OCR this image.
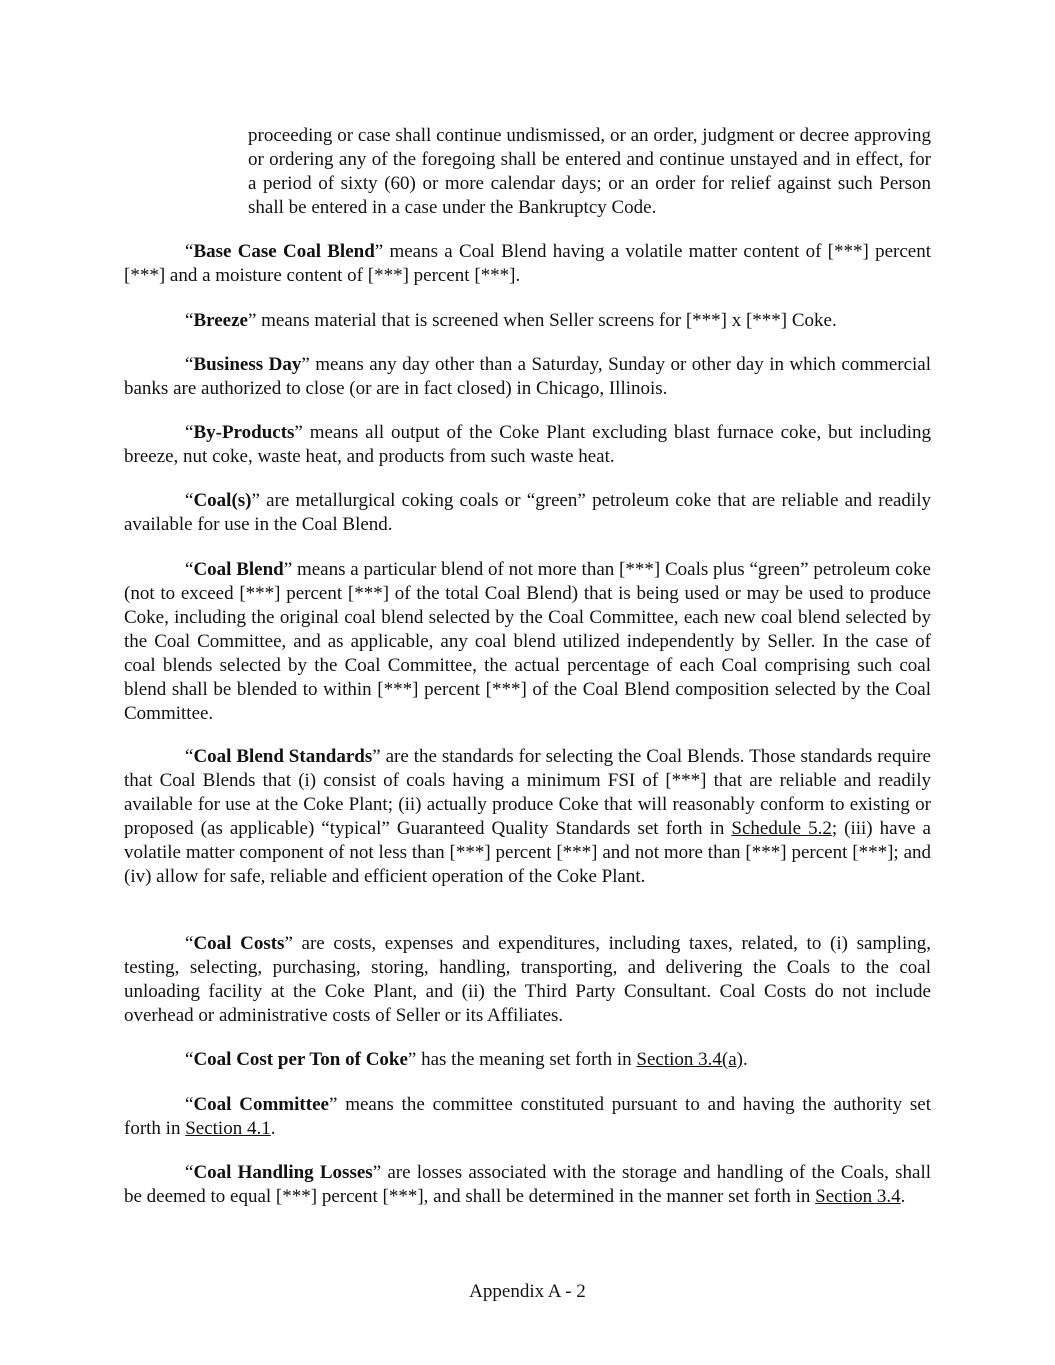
proceeding or case shall continue undismissed, or an order, judgment or decree approving or ordering any of the foregoing shall be entered and continue unstayed and in effect, for a period of sixty (60) or more calendar days; or an order for relief against such Person shall be entered in a case under the Bankruptcy Code.

“Base Case Coal Blend” means a Coal Blend having a volatile matter content of [***] percent [***] and a moisture content of [***] percent [***].

“Breeze” means material that is screened when Seller screens for [***] x [***] Coke.

“Business Day” means any day other than a Saturday, Sunday or other day in which commercial banks are authorized to close (or are in fact closed) in Chicago, Illinois.

“By-Products” means all output of the Coke Plant excluding blast furnace coke, but including breeze, nut coke, waste heat, and products from such waste heat.

“Coal(s)” are metallurgical coking coals or “green” petroleum coke that are reliable and readily available for use in the Coal Blend.

“Coal Blend” means a particular blend of not more than [***] Coals plus “green” petroleum coke (not to exceed [***] percent [***] of the total Coal Blend) that is being used or may be used to produce Coke, including the original coal blend selected by the Coal Committee, each new coal blend selected by the Coal Committee, and as applicable, any coal blend utilized independently by Seller. In the case of coal blends selected by the Coal Committee, the actual percentage of each Coal comprising such coal blend shall be blended to within [***] percent [***] of the Coal Blend composition selected by the Coal Committee.

“Coal Blend Standards” are the standards for selecting the Coal Blends. Those standards require that Coal Blends that (i) consist of coals having a minimum FSI of [***] that are reliable and readily available for use at the Coke Plant; (ii) actually produce Coke that will reasonably conform to existing or proposed (as applicable) “typical” Guaranteed Quality Standards set forth in Schedule 5.2; (iii) have a volatile matter component of not less than [***] percent [***] and not more than [***] percent [***]; and (iv) allow for safe, reliable and efficient operation of the Coke Plant.

“Coal Costs” are costs, expenses and expenditures, including taxes, related, to (i) sampling, testing, selecting, purchasing, storing, handling, transporting, and delivering the Coals to the coal unloading facility at the Coke Plant, and (ii) the Third Party Consultant. Coal Costs do not include overhead or administrative costs of Seller or its Affiliates.

“Coal Cost per Ton of Coke” has the meaning set forth in Section 3.4(a).

“Coal Committee” means the committee constituted pursuant to and having the authority set forth in Section 4.1.

“Coal Handling Losses” are losses associated with the storage and handling of the Coals, shall be deemed to equal [***] percent [***], and shall be determined in the manner set forth in Section 3.4.

Appendix A - 2
